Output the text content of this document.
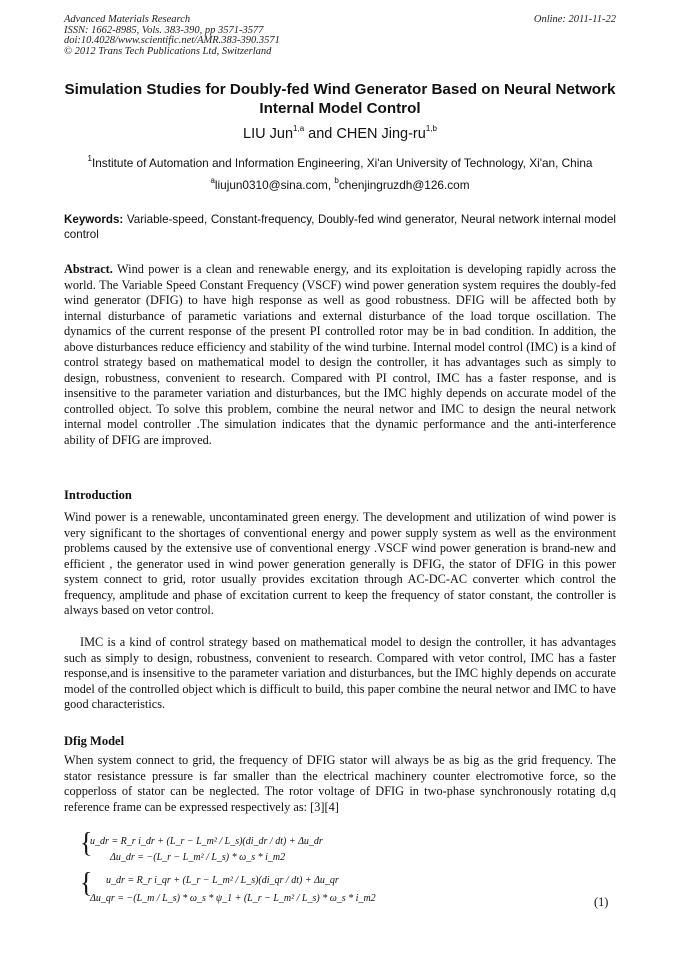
Advanced Materials Research
ISSN: 1662-8985, Vols. 383-390, pp 3571-3577
doi:10.4028/www.scientific.net/AMR.383-390.3571
© 2012 Trans Tech Publications Ltd, Switzerland
Online: 2011-11-22
Simulation Studies for Doubly-fed Wind Generator Based on Neural Network Internal Model Control
LIU Jun$^{1,a}$ and CHEN Jing-ru$^{1,b}$
$^1$Institute of Automation and Information Engineering, Xi'an University of Technology, Xi'an, China
$^a$liujun0310@sina.com, $^b$chenjingruzdh@126.com
Keywords: Variable-speed, Constant-frequency, Doubly-fed wind generator, Neural network internal model control
Abstract. Wind power is a clean and renewable energy, and its exploitation is developing rapidly across the world. The Variable Speed Constant Frequency (VSCF) wind power generation system requires the doubly-fed wind generator (DFIG) to have high response as well as good robustness. DFIG will be affected both by internal disturbance of parametic variations and external disturbance of the load torque oscillation. The dynamics of the current response of the present PI controlled rotor may be in bad condition. In addition, the above disturbances reduce efficiency and stability of the wind turbine. Internal model control (IMC) is a kind of control strategy based on mathematical model to design the controller, it has advantages such as simply to design, robustness, convenient to research. Compared with PI control, IMC has a faster response, and is insensitive to the parameter variation and disturbances, but the IMC highly depends on accurate model of the controlled object. To solve this problem, combine the neural networ and IMC to design the neural network internal model controller .The simulation indicates that the dynamic performance and the anti-interference ability of DFIG are improved.
Introduction
Wind power is a renewable, uncontaminated green energy. The development and utilization of wind power is very significant to the shortages of conventional energy and power supply system as well as the environment problems caused by the extensive use of conventional energy .VSCF wind power generation is brand-new and efficient , the generator used in wind power generation generally is DFIG, the stator of DFIG in this power system connect to grid, rotor usually provides excitation through AC-DC-AC converter which control the frequency, amplitude and phase of excitation current to keep the frequency of stator constant, the controller is always based on vetor control.
IMC is a kind of control strategy based on mathematical model to design the controller, it has advantages such as simply to design, robustness, convenient to research. Compared with vetor control, IMC has a faster response,and is insensitive to the parameter variation and disturbances, but the IMC highly depends on accurate model of the controlled object which is difficult to build, this paper combine the neural networ and IMC to have good characteristics.
Dfig Model
When system connect to grid, the frequency of DFIG stator will always be as big as the grid frequency. The stator resistance pressure is far smaller than the electrical machinery counter electromotive force, so the copperloss of stator can be neglected. The rotor voltage of DFIG in two-phase synchronously rotating d,q reference frame can be expressed respectively as: [3][4]
{
u_dr = R_r i_dr + (L_r − L_m² / L_s)(di_dr / dt) + Δu_dr
Δu_dr = −(L_r − L_m² / L_s) * ω_s * i_m2
{ u_dr = R_r i_qr + (L_r − L_m² / L_s)(di_qr / dt) + Δu_qr
Δu_qr = −(L_m / L_s) * ω_s * ψ_1 + (L_r − L_m² / L_s) * ω_s * i_m2	(1)
